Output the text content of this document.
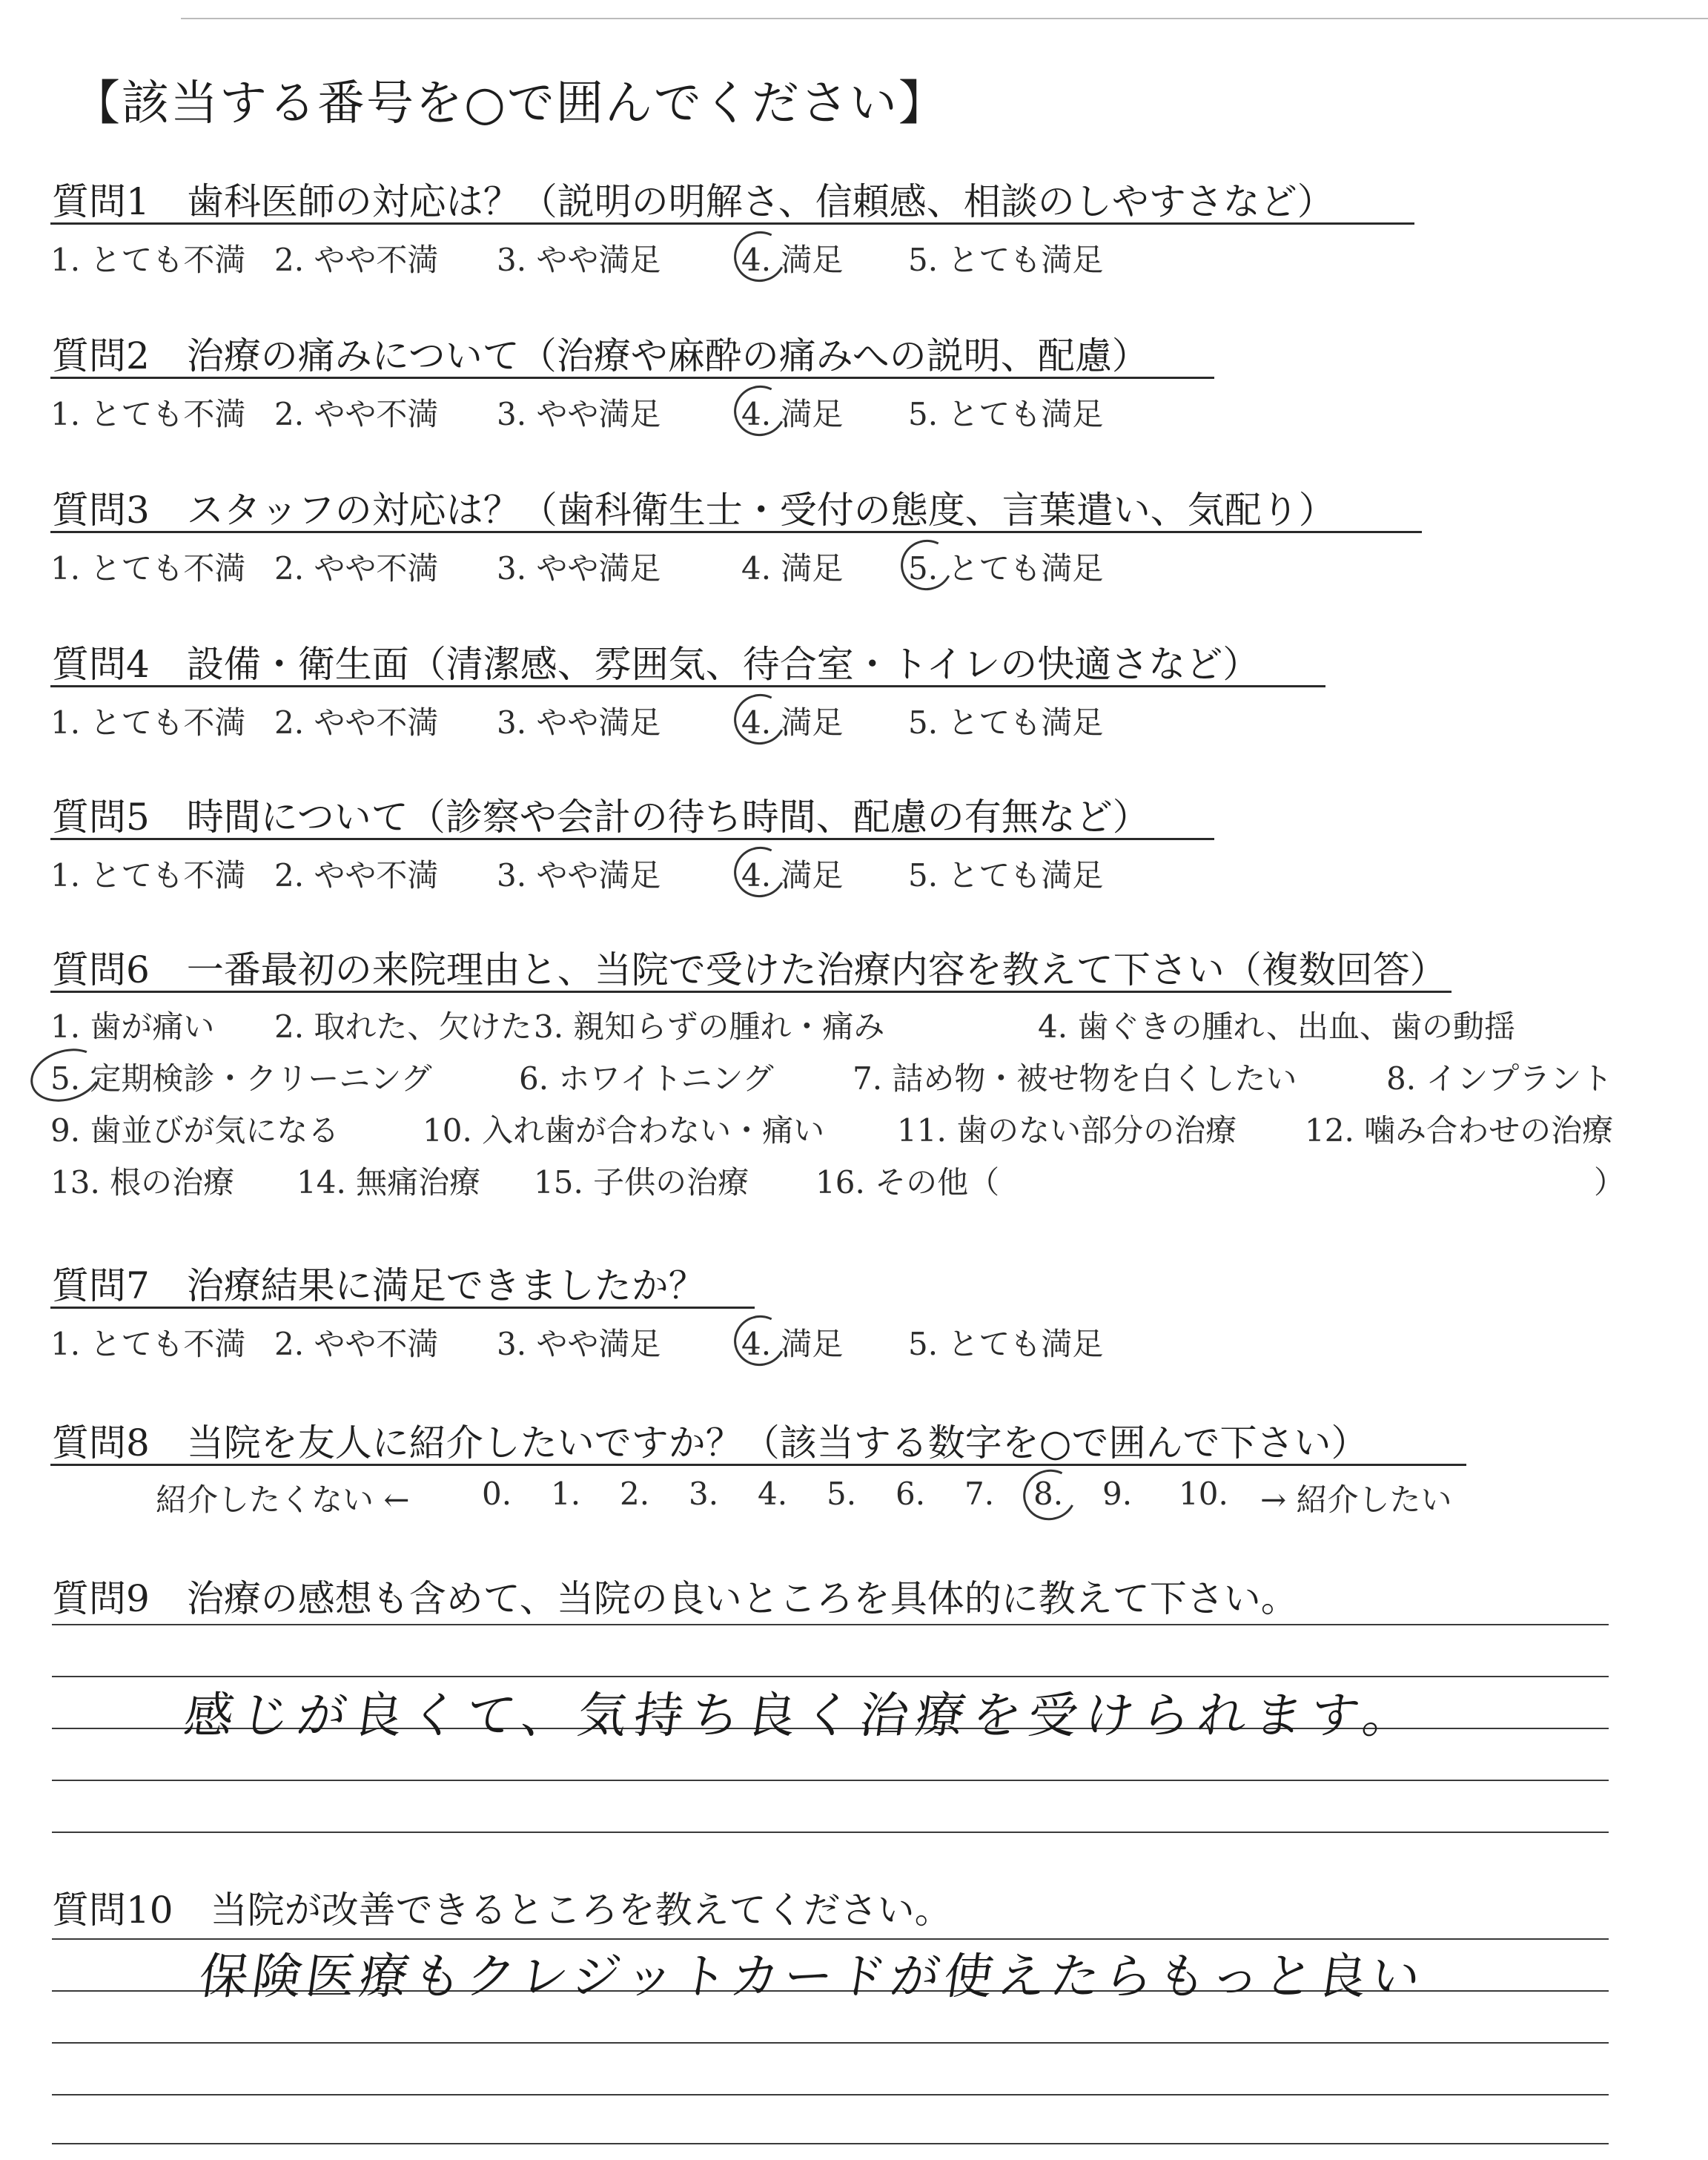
【該当する番号を○で囲んでください】
質問1　歯科医師の対応は？（説明の明解さ、信頼感、相談のしやすさなど）
1. とても不満 2. やや不満 3. やや満足	4. 満足 5. とても満足
質問2　治療の痛みについて（治療や麻酔の痛みへの説明、配慮）
1. とても不満 2. やや不満 3. やや満足	4. 満足 5. とても満足
質問3　スタッフの対応は？（歯科衛生士・受付の態度、言葉遣い、気配り）
1. とても不満 2. やや不満 3. やや満足	4. 満足 5. とても満足
質問4　設備・衛生面（清潔感、雰囲気、待合室・トイレの快適さなど）
1. とても不満 2. やや不満 3. やや満足	4. 満足 5. とても満足
質問5　時間について（診察や会計の待ち時間、配慮の有無など）
1. とても不満 2. やや不満 3. やや満足	4. 満足 5. とても満足
質問6　一番最初の来院理由と、当院で受けた治療内容を教えて下さい（複数回答）
1. 歯が痛い 2. 取れた、欠けた 3. 親知らずの腫れ・痛み	4. 歯ぐきの腫れ、出血、歯の動揺
5. 定期検診・クリーニング	6. ホワイトニング	7. 詰め物・被せ物を白くしたい	8. インプラント
9. 歯並びが気になる	10. 入れ歯が合わない・痛い 11. 歯のない部分の治療 12. 噛み合わせの治療
13. 根の治療 14. 無痛治療 15. 子供の治療 16. その他（	）
質問7　治療結果に満足できましたか？
1. とても不満 2. やや不満 3. やや満足	4. 満足 5. とても満足
質問8　当院を友人に紹介したいですか？（該当する数字を○で囲んで下さい）
紹介したくない ← 0. 1. 2. 3. 4. 5. 6. 7. 8. 9. 10. → 紹介したい
質問9　治療の感想も含めて、当院の良いところを具体的に教えて下さい。
感じが良くて、気持ち良く治療を受けられます。
質問10　当院が改善できるところを教えてください。
保険医療もクレジットカードが使えたらもっと良い
